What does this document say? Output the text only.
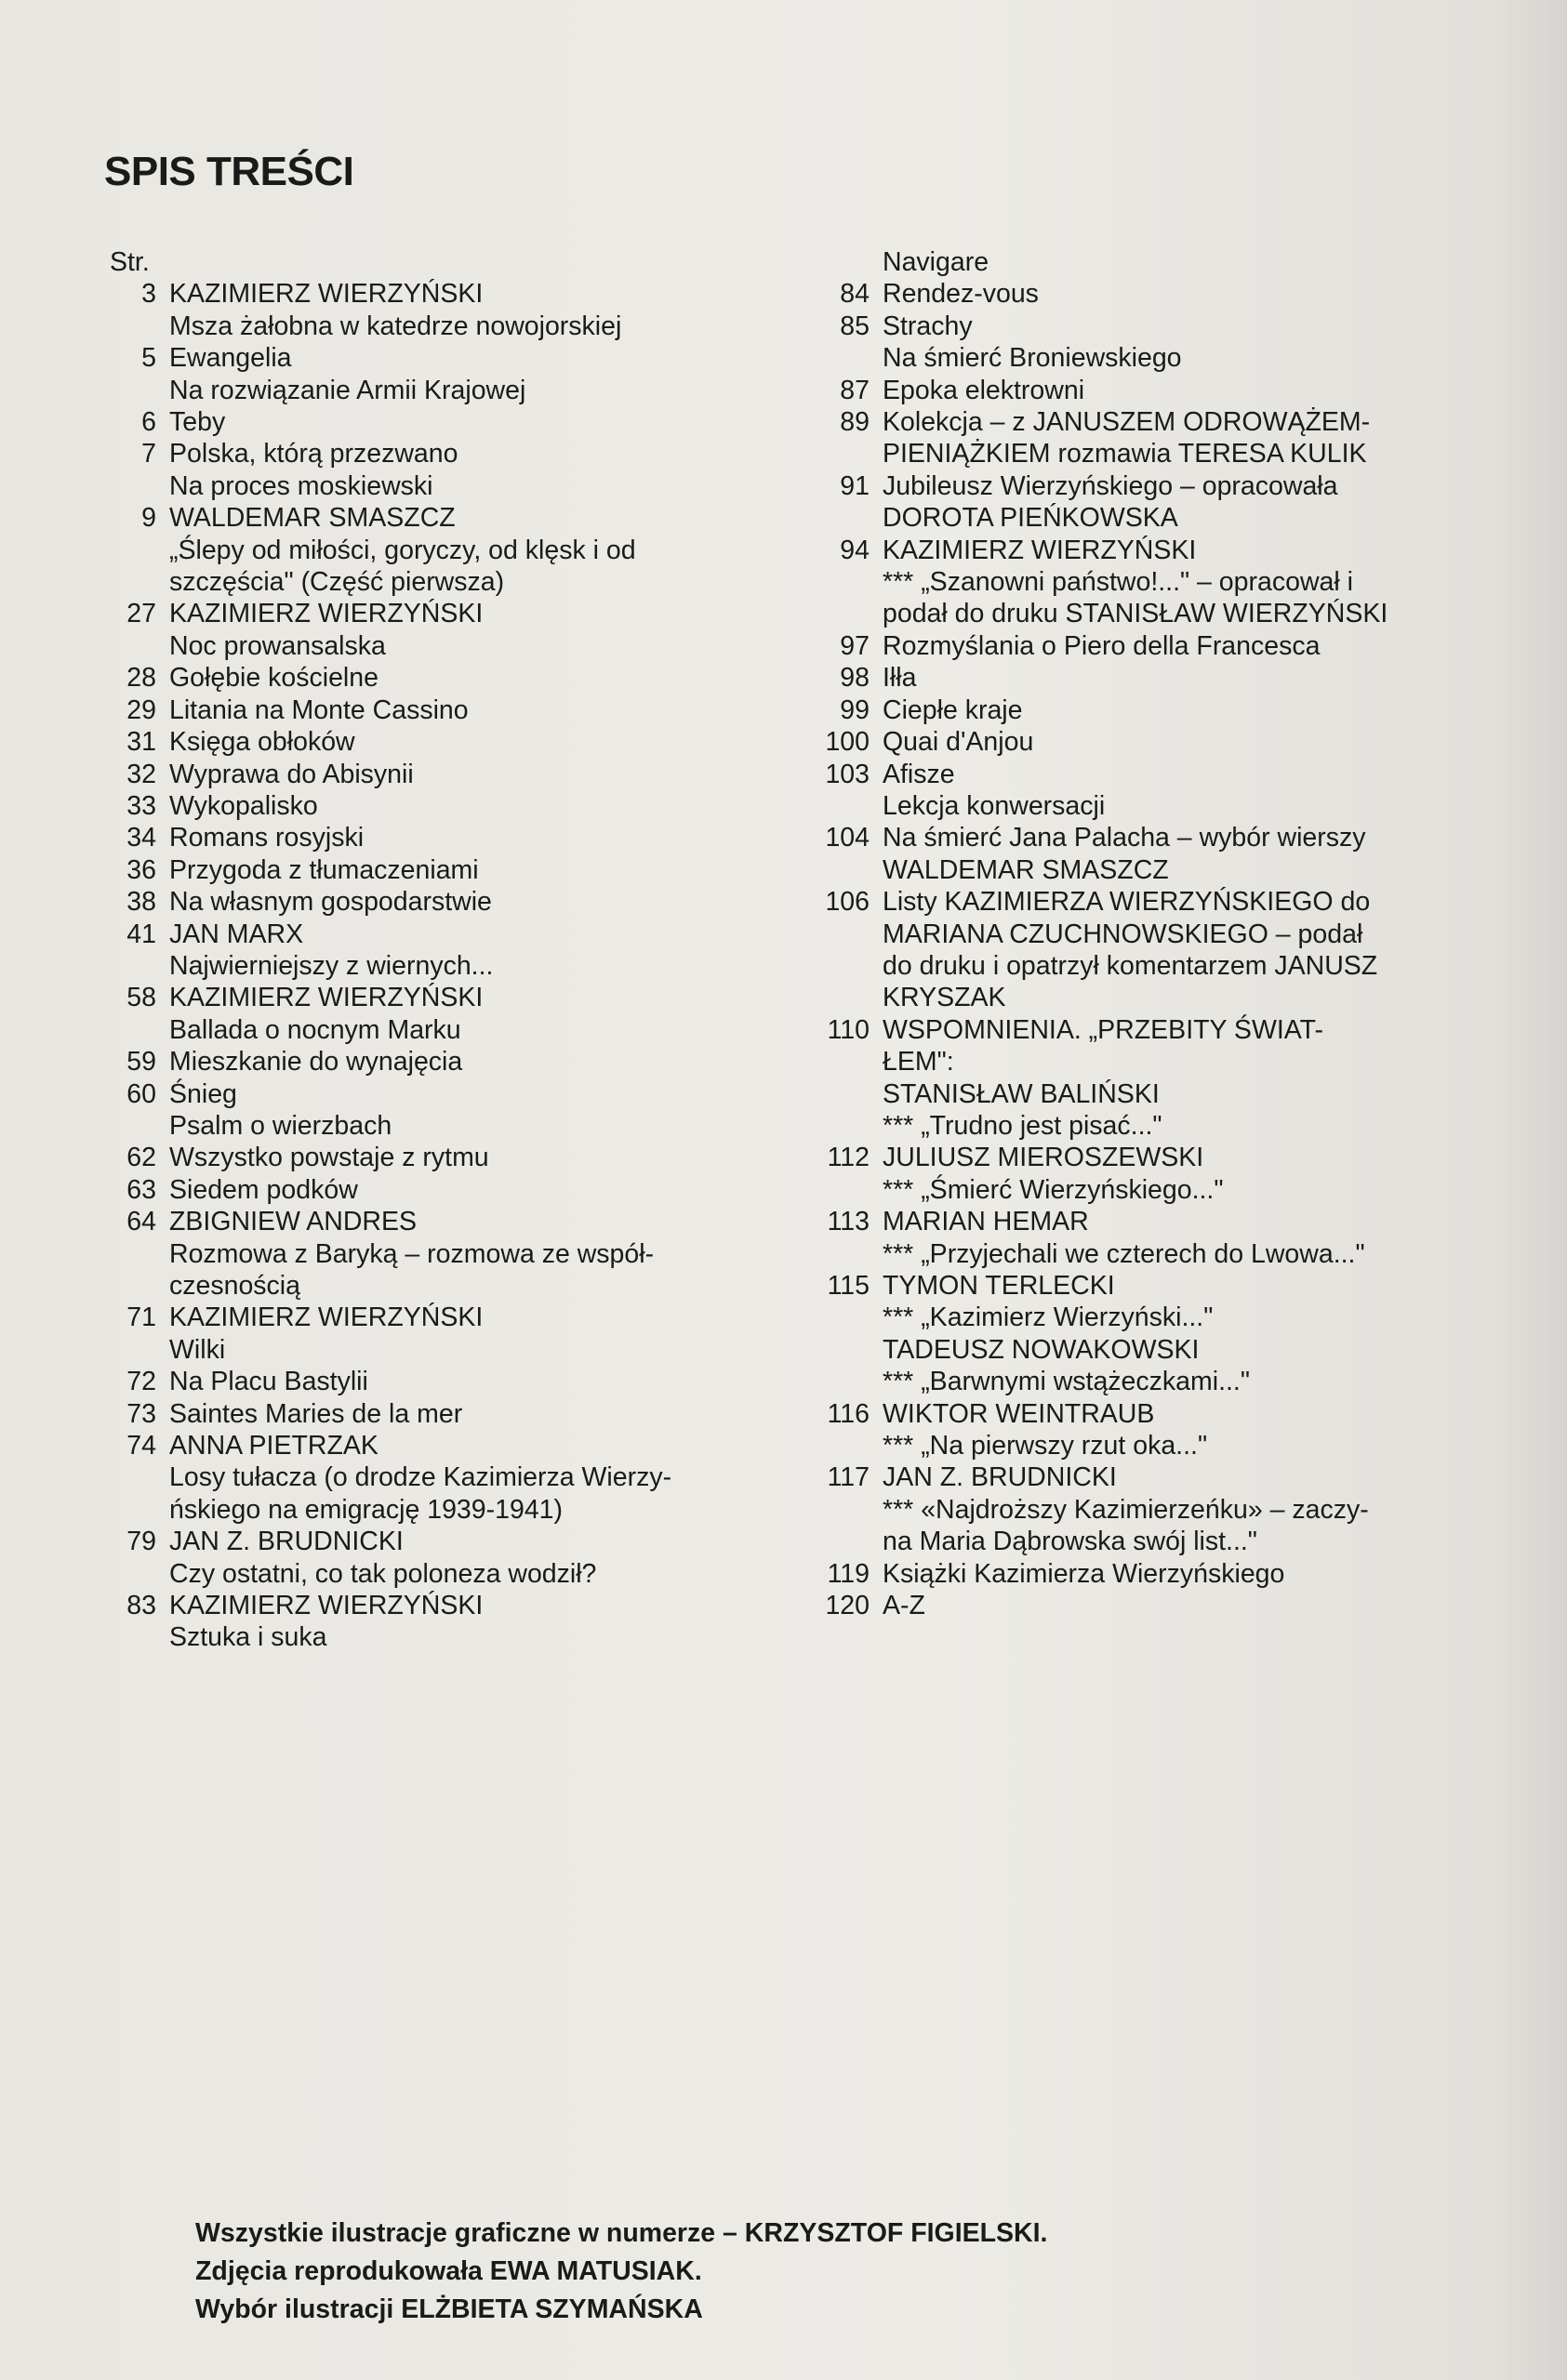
SPIS TREŚCI
Str.
3 KAZIMIERZ WIERZYŃSKI
Msza żałobna w katedrze nowojorskiej
5 Ewangelia
Na rozwiązanie Armii Krajowej
6 Teby
7 Polska, którą przezwano
Na proces moskiewski
9 WALDEMAR SMASZCZ
„Ślepy od miłości, goryczy, od klęsk i od
szczęścia" (Część pierwsza)
27 KAZIMIERZ WIERZYŃSKI
Noc prowansalska
28 Gołębie kościelne
29 Litania na Monte Cassino
31 Księga obłoków
32 Wyprawa do Abisynii
33 Wykopalisko
34 Romans rosyjski
36 Przygoda z tłumaczeniami
38 Na własnym gospodarstwie
41 JAN MARX
Najwierniejszy z wiernych...
58 KAZIMIERZ WIERZYŃSKI
Ballada o nocnym Marku
59 Mieszkanie do wynajęcia
60 Śnieg
Psalm o wierzbach
62 Wszystko powstaje z rytmu
63 Siedem podków
64 ZBIGNIEW ANDRES
Rozmowa z Baryką – rozmowa ze współ-
czesnością
71 KAZIMIERZ WIERZYŃSKI
Wilki
72 Na Placu Bastylii
73 Saintes Maries de la mer
74 ANNA PIETRZAK
Losy tułacza (o drodze Kazimierza Wierzy-
ńskiego na emigrację 1939-1941)
79 JAN Z. BRUDNICKI
Czy ostatni, co tak poloneza wodził?
83 KAZIMIERZ WIERZYŃSKI
Sztuka i suka
Navigare
84 Rendez-vous
85 Strachy
Na śmierć Broniewskiego
87 Epoka elektrowni
89 Kolekcja – z JANUSZEM ODROWĄŻEM-
PIENIĄŻKIEM rozmawia TERESA KULIK
91 Jubileusz Wierzyńskiego – opracowała
DOROTA PIEŃKOWSKA
94 KAZIMIERZ WIERZYŃSKI
*** „Szanowni państwo!..." – opracował i
podał do druku STANISŁAW WIERZYŃSKI
97 Rozmyślania o Piero della Francesca
98 Iłła
99 Ciepłe kraje
100 Quai d'Anjou
103 Afisze
Lekcja konwersacji
104 Na śmierć Jana Palacha – wybór wierszy
WALDEMAR SMASZCZ
106 Listy KAZIMIERZA WIERZYŃSKIEGO do
MARIANA CZUCHNOWSKIEGO – podał
do druku i opatrzył komentarzem JANUSZ
KRYSZAK
110 WSPOMNIENIA. „PRZEBITY ŚWIAT-
ŁEM":
STANISŁAW BALIŃSKI
*** „Trudno jest pisać..."
112 JULIUSZ MIEROSZEWSKI
*** „Śmierć Wierzyńskiego..."
113 MARIAN HEMAR
*** „Przyjechali we czterech do Lwowa..."
115 TYMON TERLECKI
*** „Kazimierz Wierzyński..."
TADEUSZ NOWAKOWSKI
*** „Barwnymi wstążeczkami..."
116 WIKTOR WEINTRAUB
*** „Na pierwszy rzut oka..."
117 JAN Z. BRUDNICKI
*** «Najdroższy Kazimierzeńku» – zaczy-
na Maria Dąbrowska swój list..."
119 Książki Kazimierza Wierzyńskiego
120 A-Z
Wszystkie ilustracje graficzne w numerze – KRZYSZTOF FIGIELSKI.
Zdjęcia reprodukowała EWA MATUSIAK.
Wybór ilustracji ELŻBIETA SZYMAŃSKA
